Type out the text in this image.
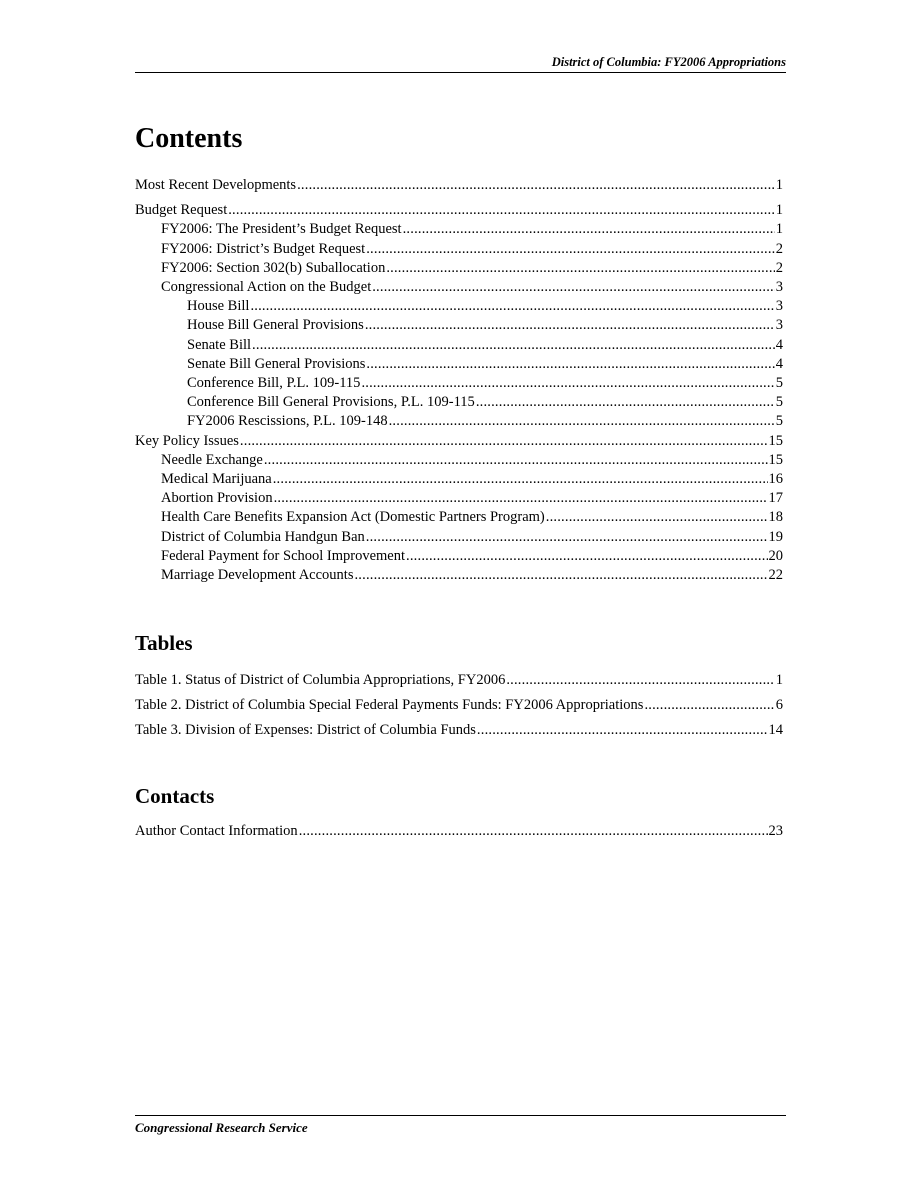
District of Columbia: FY2006 Appropriations
Contents
Most Recent Developments .....	1
Budget Request .....	1
FY2006: The President’s Budget Request .....	1
FY2006: District’s Budget Request .....	2
FY2006: Section 302(b) Suballocation .....	2
Congressional Action on the Budget .....	3
House Bill .....	3
House Bill General Provisions .....	3
Senate Bill .....	4
Senate Bill General Provisions .....	4
Conference Bill, P.L. 109-115 .....	5
Conference Bill General Provisions, P.L. 109-115 .....	5
FY2006 Rescissions, P.L. 109-148 .....	5
Key Policy Issues .....	15
Needle Exchange .....	15
Medical Marijuana .....	16
Abortion Provision .....	17
Health Care Benefits Expansion Act (Domestic Partners Program) .....	18
District of Columbia Handgun Ban .....	19
Federal Payment for School Improvement .....	20
Marriage Development Accounts .....	22
Tables
Table 1. Status of District of Columbia Appropriations, FY2006 .....	1
Table 2. District of Columbia Special Federal Payments Funds: FY2006 Appropriations .....	6
Table 3. Division of Expenses: District of Columbia Funds .....	14
Contacts
Author Contact Information .....	23
Congressional Research Service
